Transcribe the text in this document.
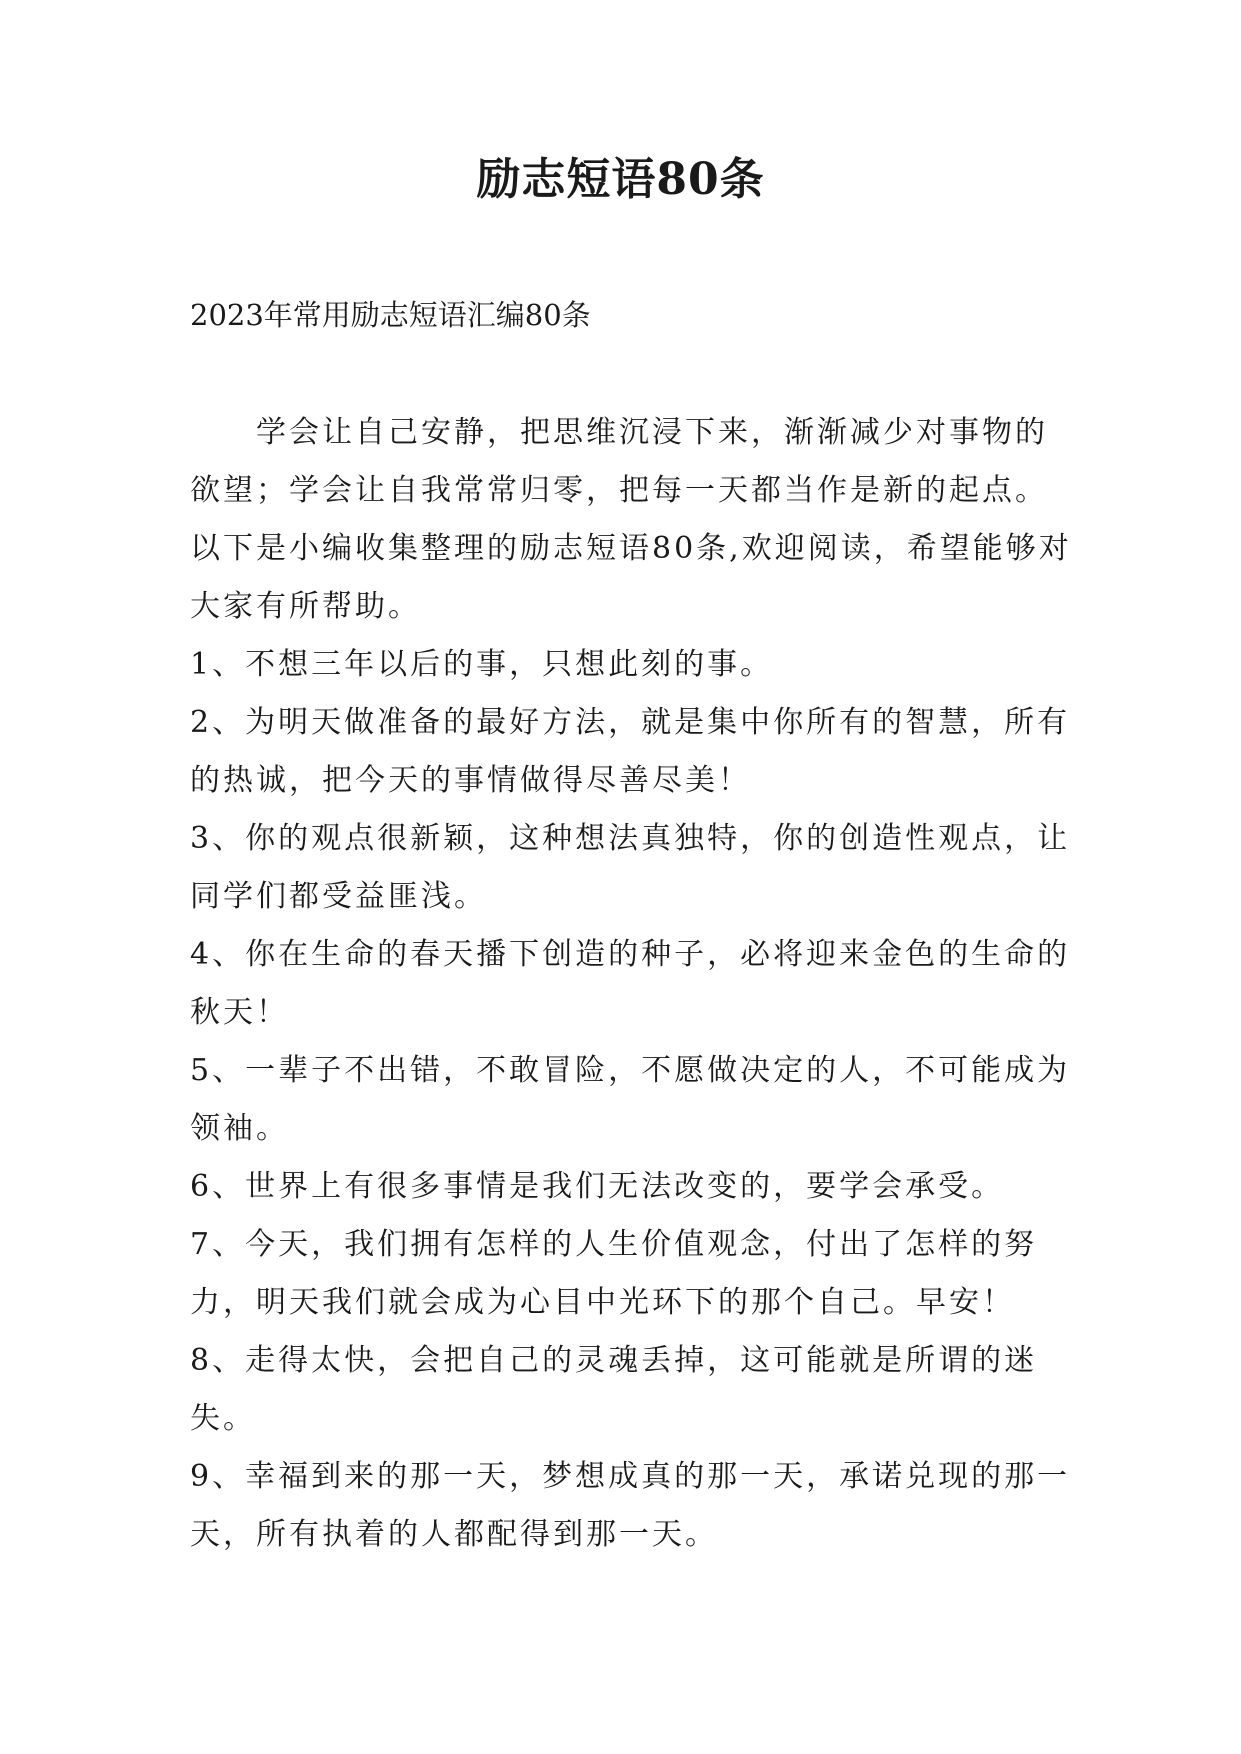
励志短语80条

2023年常用励志短语汇编80条

学会让自己安静，把思维沉浸下来，渐渐减少对事物的欲望；学会让自我常常归零，把每一天都当作是新的起点。以下是小编收集整理的励志短语80条,欢迎阅读，希望能够对大家有所帮助。

1、不想三年以后的事，只想此刻的事。

2、为明天做准备的最好方法，就是集中你所有的智慧，所有的热诚，把今天的事情做得尽善尽美！

3、你的观点很新颖，这种想法真独特，你的创造性观点，让同学们都受益匪浅。

4、你在生命的春天播下创造的种子，必将迎来金色的生命的秋天！

5、一辈子不出错，不敢冒险，不愿做决定的人，不可能成为领袖。

6、世界上有很多事情是我们无法改变的，要学会承受。

7、今天，我们拥有怎样的人生价值观念，付出了怎样的努力，明天我们就会成为心目中光环下的那个自己。早安！

8、走得太快，会把自己的灵魂丢掉，这可能就是所谓的迷失。

9、幸福到来的那一天，梦想成真的那一天，承诺兑现的那一天，所有执着的人都配得到那一天。
